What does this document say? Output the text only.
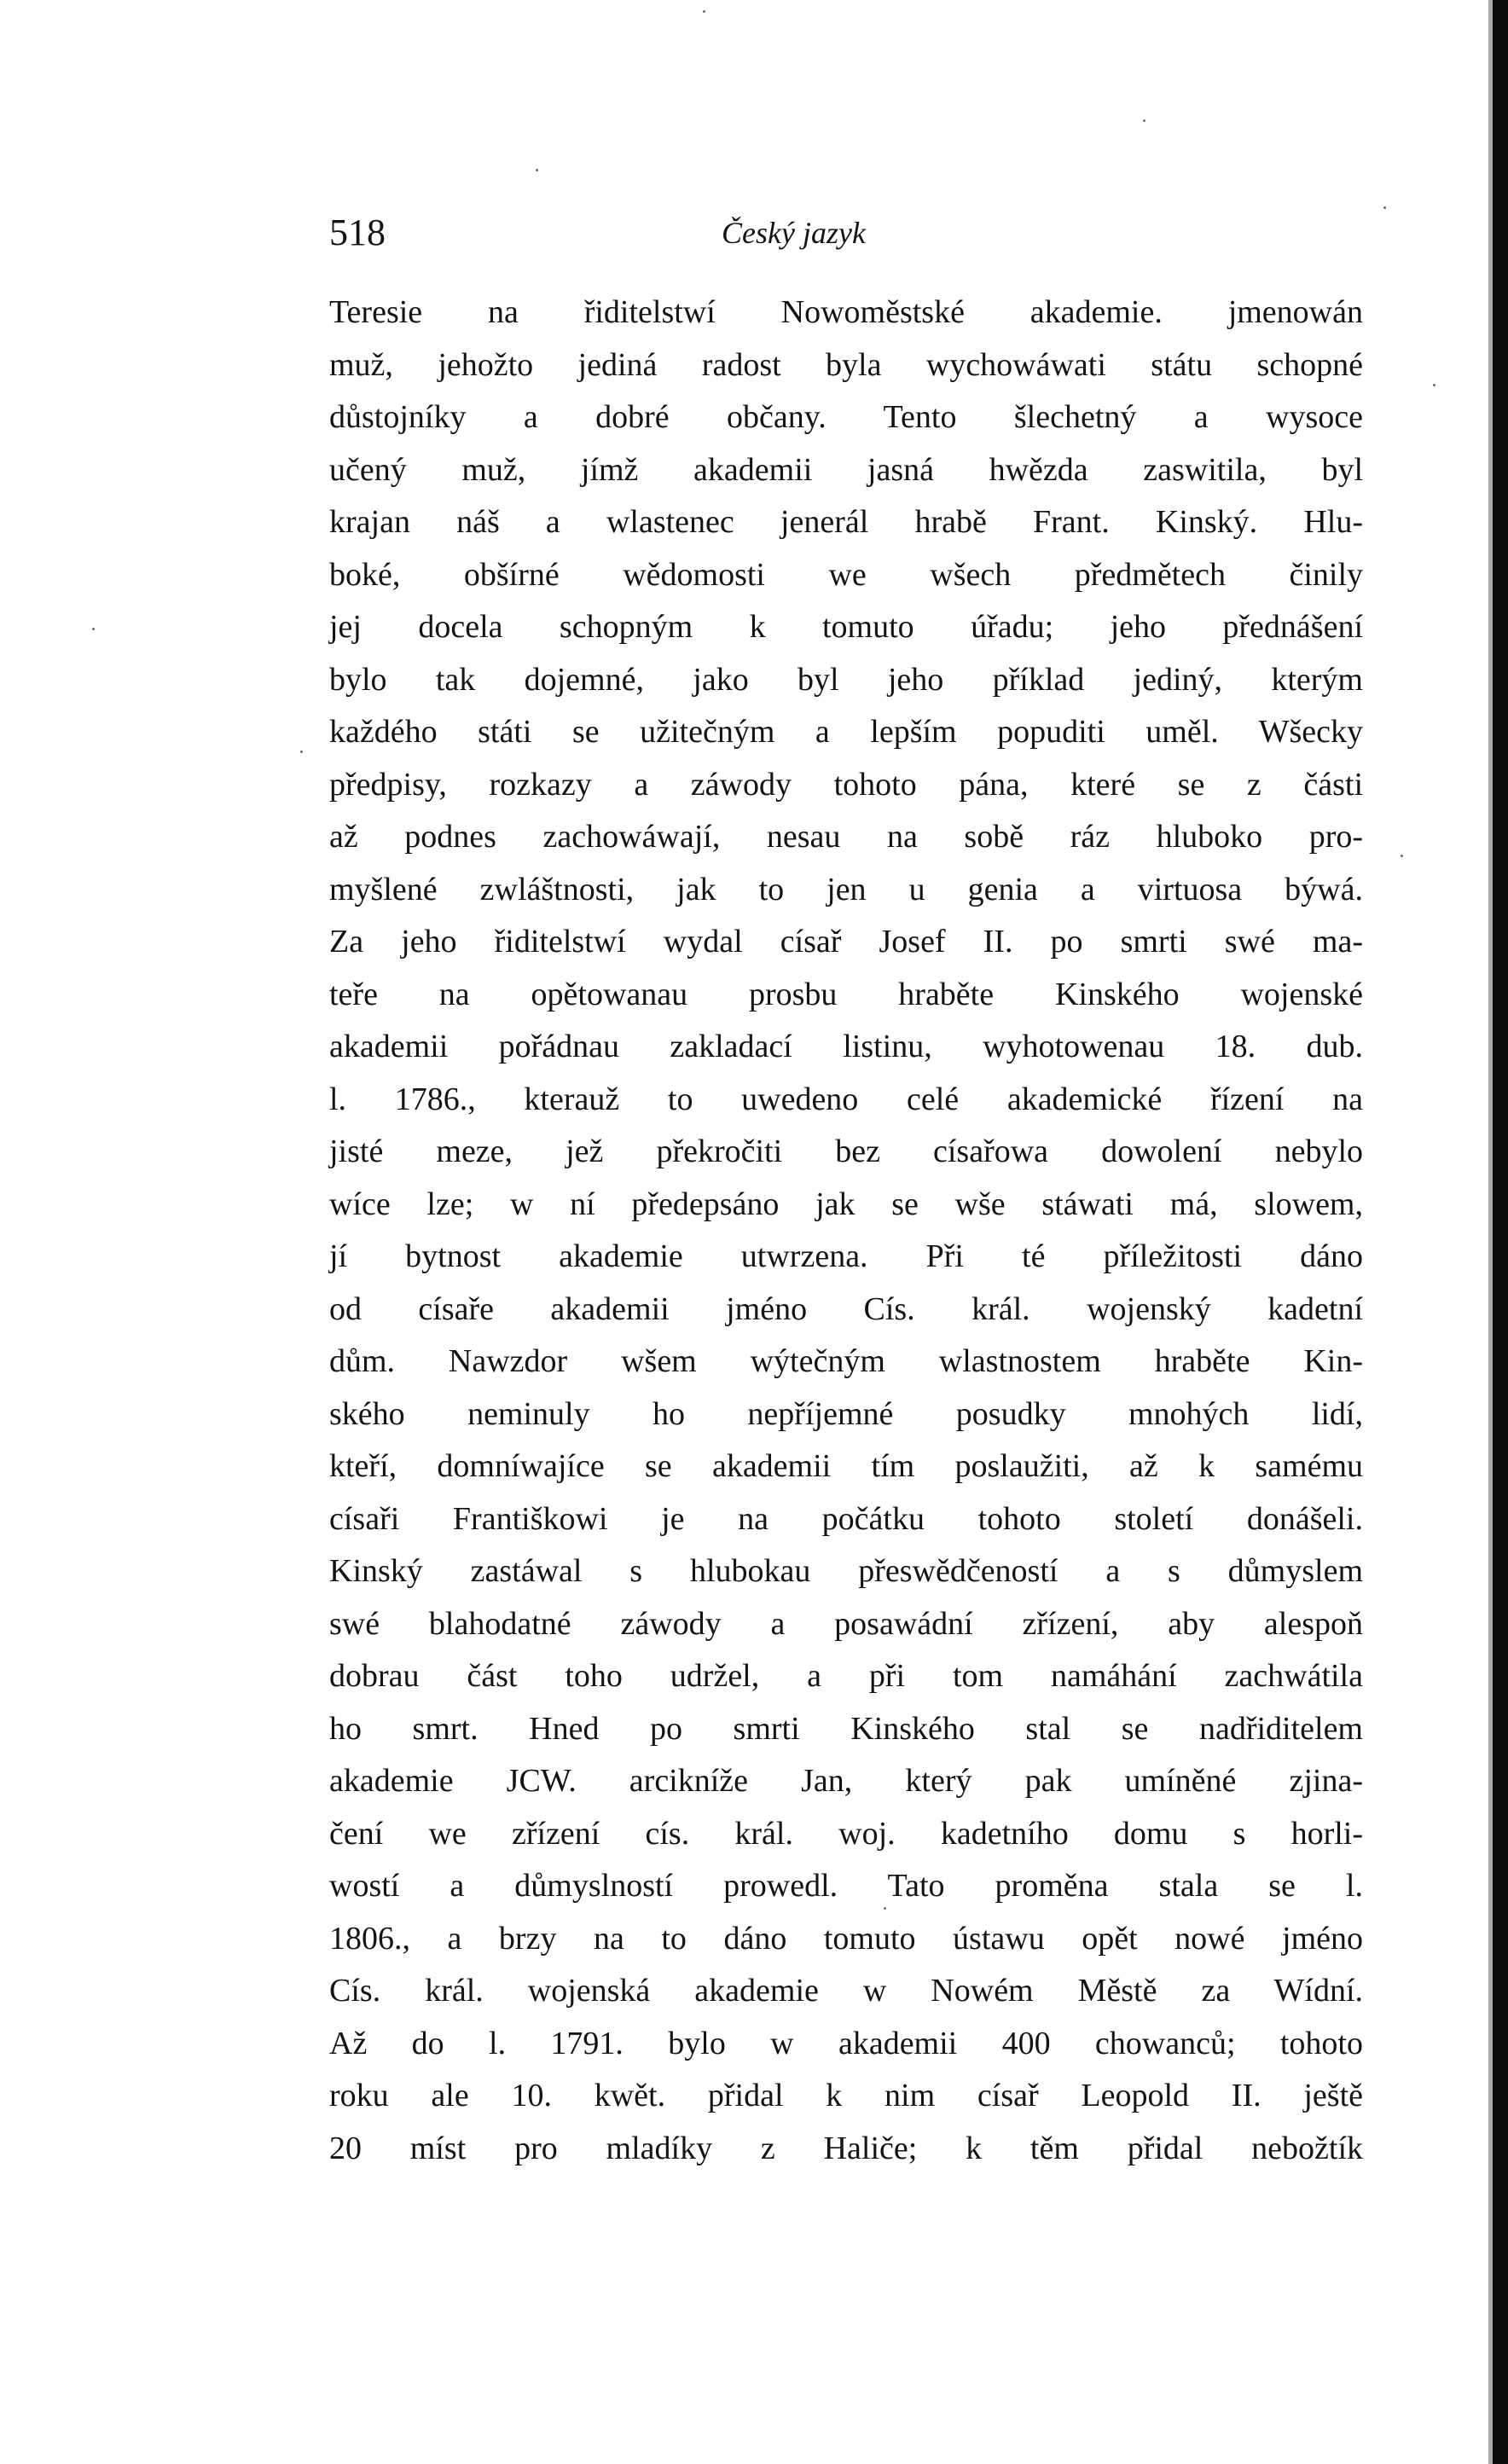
518	Český jazyk
Teresie na řiditelstwí Nowoměstské akademie. jmenowán
muž, jehožto jediná radost byla wychowáwati státu schopné
důstojníky a dobré občany. Tento šlechetný a wysoce
učený muž, jímž akademii jasná hwězda zaswitila, byl
krajan náš a wlastenec jenerál hrabě Frant. Kinský. Hlu-
boké, obšírné wědomosti we wšech předmětech činily
jej docela schopným k tomuto úřadu; jeho přednášení
bylo tak dojemné, jako byl jeho příklad jediný, kterým
každého státi se užitečným a lepším popuditi uměl. Wšecky
předpisy, rozkazy a záwody tohoto pána, které se z části
až podnes zachowáwají, nesau na sobě ráz hluboko pro-
myšlené zwláštnosti, jak to jen u genia a virtuosa býwá.
Za jeho řiditelstwí wydal císař Josef II. po smrti swé ma-
teře na opětowanau prosbu hraběte Kinského wojenské
akademii pořádnau zakladací listinu, wyhotowenau 18. dub.
l. 1786., kterauž to uwedeno celé akademické řízení na
jisté meze, jež překročiti bez císařowa dowolení nebylo
wíce lze; w ní předepsáno jak se wše stáwati má, slowem,
jí bytnost akademie utwrzena. Při té příležitosti dáno
od císaře akademii jméno Cís. král. wojenský kadetní
dům. Nawzdor wšem wýtečným wlastnostem hraběte Kin-
ského neminuly ho nepříjemné posudky mnohých lidí,
kteří, domníwajíce se akademii tím poslaužiti, až k samému
císaři Františkowi je na počátku tohoto století donášeli.
Kinský zastáwal s hlubokau přeswědčeností a s důmyslem
swé blahodatné záwody a posawádní zřízení, aby alespoň
dobrau část toho udržel, a při tom namáhání zachwátila
ho smrt. Hned po smrti Kinského stal se nadřiditelem
akademie JCW. arcikníže Jan, který pak umíněné zjina-
čení we zřízení cís. král. woj. kadetního domu s horli-
wostí a důmyslností prowedl. Tato proměna stala se l.
1806., a brzy na to dáno tomuto ústawu opět nowé jméno
Cís. král. wojenská akademie w Nowém Městě za Wídní.
Až do l. 1791. bylo w akademii 400 chowanců; tohoto
roku ale 10. kwět. přidal k nim císař Leopold II. ještě
20 míst pro mladíky z Haliče; k těm přidal nebožtík
